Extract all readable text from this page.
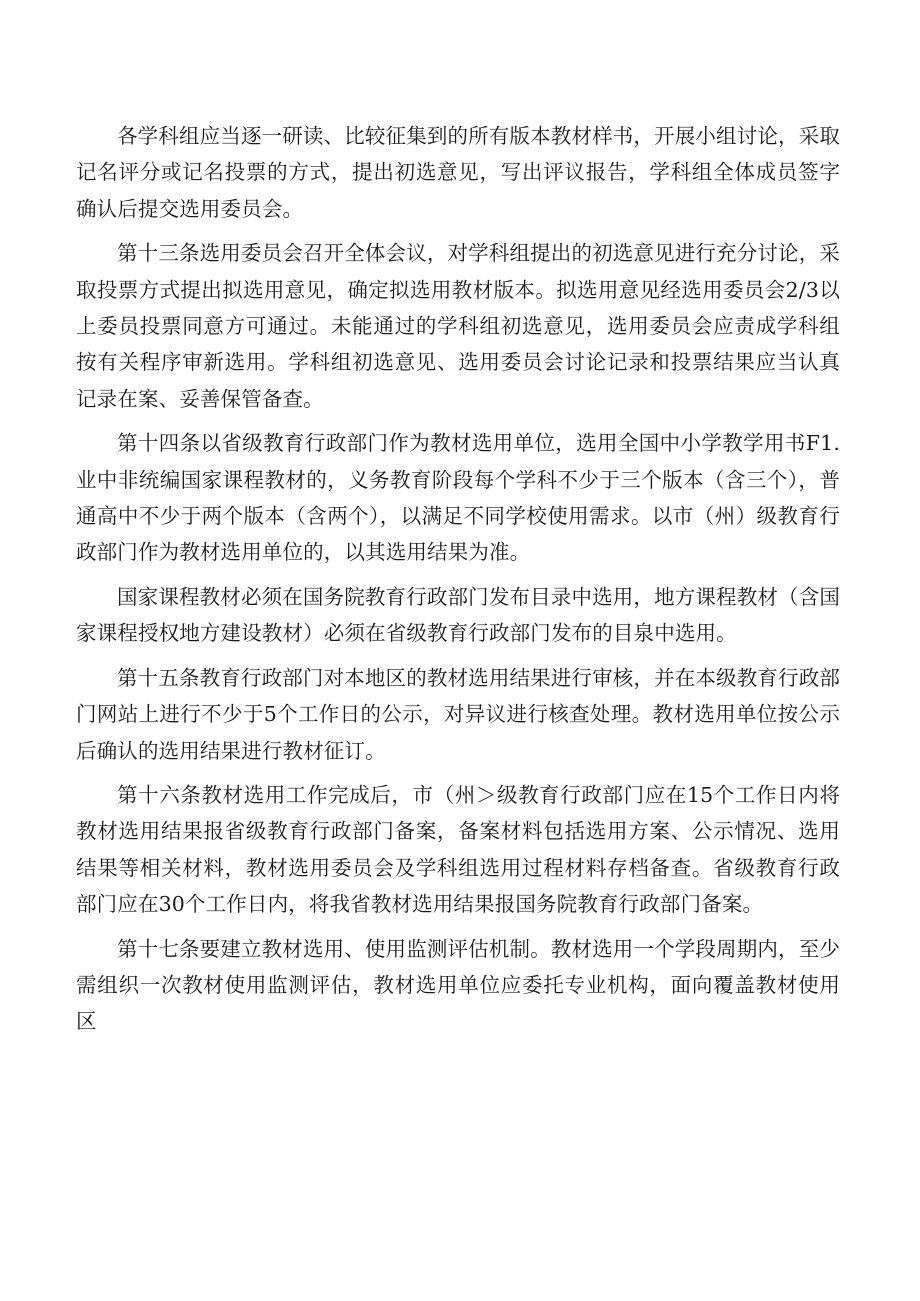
各学科组应当逐一研读、比较征集到的所有版本教材样书，开展小组讨论，采取记名评分或记名投票的方式，提出初选意见，写出评议报告，学科组全体成员签字确认后提交选用委员会。

第十三条选用委员会召开全体会议，对学科组提出的初选意见进行充分讨论，采取投票方式提出拟选用意见，确定拟选用教材版本。拟选用意见经选用委员会2/3以上委员投票同意方可通过。未能通过的学科组初选意见，选用委员会应责成学科组按有关程序审新选用。学科组初选意见、选用委员会讨论记录和投票结果应当认真记录在案、妥善保管备查。

第十四条以省级教育行政部门作为教材选用单位，选用全国中小学教学用书F1.业中非统编国家课程教材的，义务教育阶段每个学科不少于三个版本（含三个），普通高中不少于两个版本（含两个），以满足不同学校使用需求。以市（州）级教育行政部门作为教材选用单位的，以其选用结果为准。

国家课程教材必须在国务院教育行政部门发布目录中选用，地方课程教材（含国家课程授权地方建设教材）必须在省级教育行政部门发布的目泉中选用。

第十五条教育行政部门对本地区的教材选用结果进行审核，并在本级教育行政部门网站上进行不少于5个工作日的公示，对异议进行核查处理。教材选用单位按公示后确认的选用结果进行教材征订。

第十六条教材选用工作完成后，市（州＞级教育行政部门应在15个工作日内将教材选用结果报省级教育行政部门备案，备案材料包括选用方案、公示情况、选用结果等相关材料，教材选用委员会及学科组选用过程材料存档备查。省级教育行政部门应在30个工作日内，将我省教材选用结果报国务院教育行政部门备案。

第十七条要建立教材选用、使用监测评估机制。教材选用一个学段周期内，至少需组织一次教材使用监测评估，教材选用单位应委托专业机构，面向覆盖教材使用区
